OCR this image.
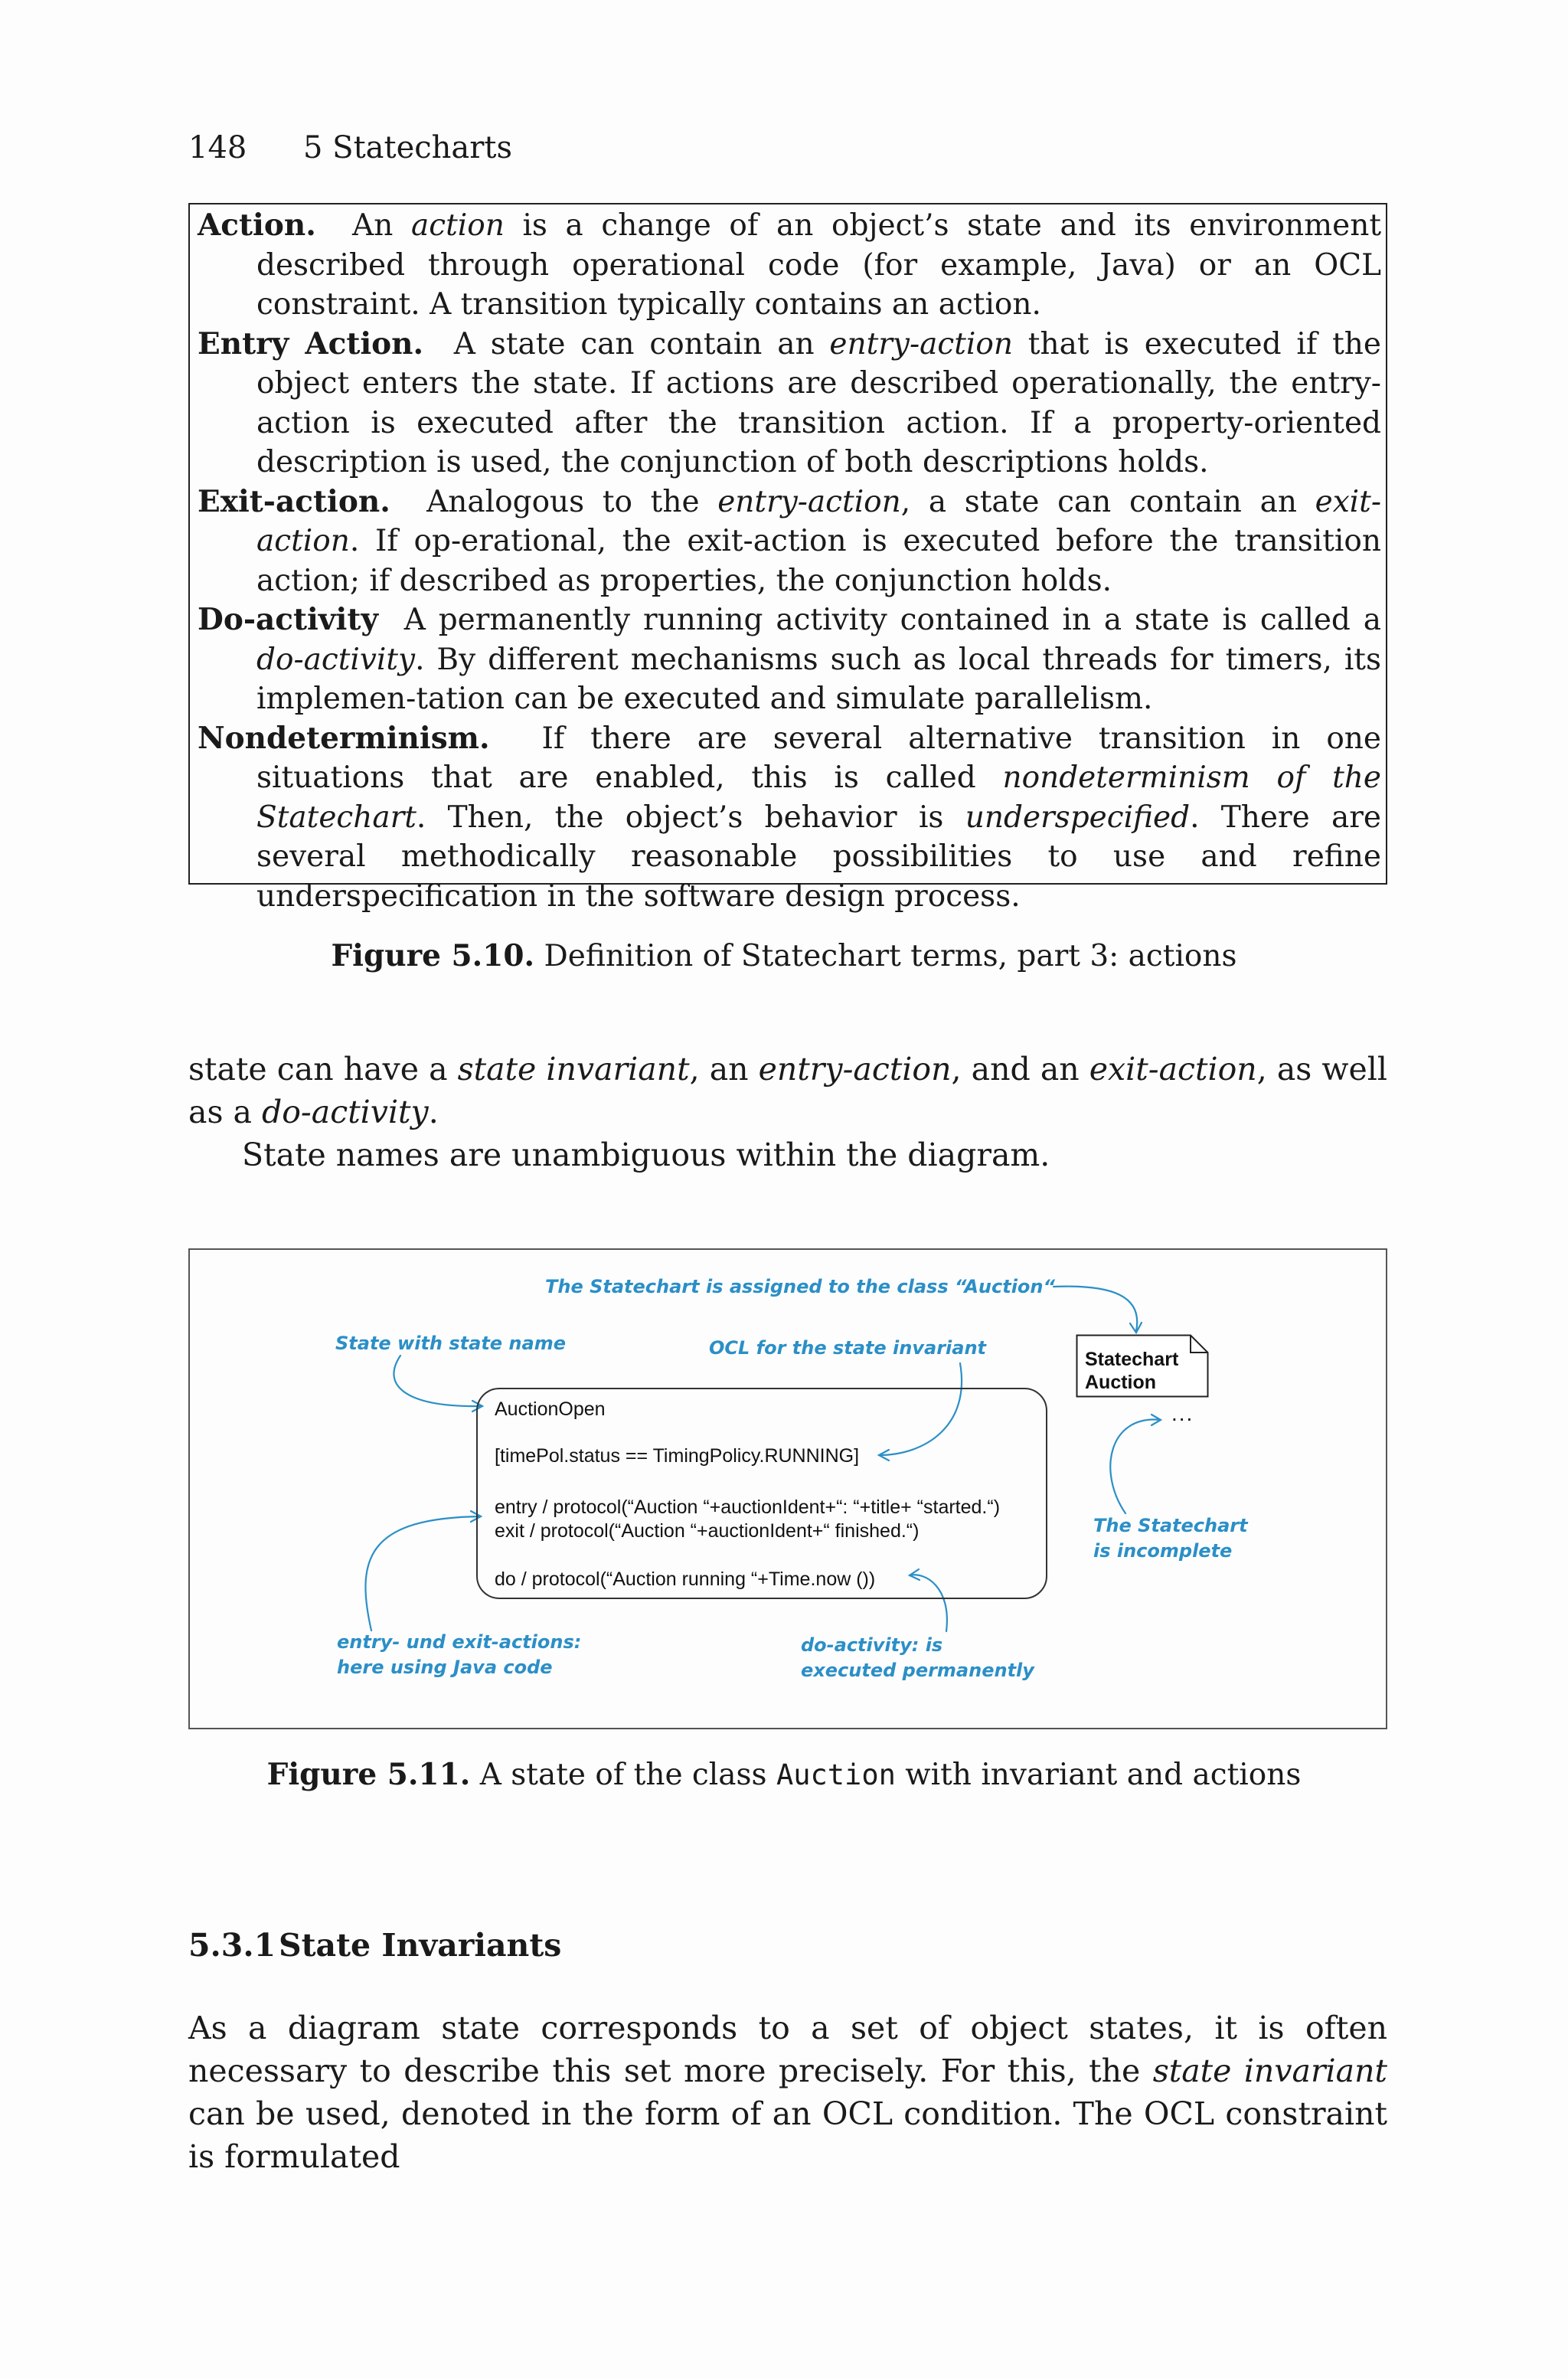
148 5 Statecharts
Action. An action is a change of an object’s state and its environment described through operational code (for example, Java) or an OCL constraint. A transition typically contains an action.
Entry Action. A state can contain an entry-action that is executed if the object enters the state. If actions are described operationally, the entry-action is executed after the transition action. If a property-oriented description is used, the conjunction of both descriptions holds.
Exit-action. Analogous to the entry-action, a state can contain an exit-action. If op-erational, the exit-action is executed before the transition action; if described as properties, the conjunction holds.
Do-activity A permanently running activity contained in a state is called a do-activity. By different mechanisms such as local threads for timers, its implemen-tation can be executed and simulate parallelism.
Nondeterminism. If there are several alternative transition in one situations that are enabled, this is called nondeterminism of the Statechart. Then, the object’s behavior is underspecified. There are several methodically reasonable possibilities to use and refine underspecification in the software design process.
Figure 5.10. Definition of Statechart terms, part 3: actions
state can have a state invariant, an entry-action, and an exit-action, as well as a do-activity.
State names are unambiguous within the diagram.
The Statechart is assigned to the class “Auction“
State with state name	OCL for the state invariant
Statechart
Auction
...
AuctionOpen
[timePol.status == TimingPolicy.RUNNING]
entry / protocol(“Auction “+auctionIdent+“: “+title+ “started.“)
exit / protocol(“Auction “+auctionIdent+“ finished.“)
do / protocol(“Auction running “+Time.now ())
The Statechart
is incomplete
entry- und exit-actions:
here using Java code
do-activity: is
executed permanently
Figure 5.11. A state of the class Auction with invariant and actions
5.3.1State Invariants
As a diagram state corresponds to a set of object states, it is often necessary to describe this set more precisely. For this, the state invariant can be used, denoted in the form of an OCL condition. The OCL constraint is formulated
